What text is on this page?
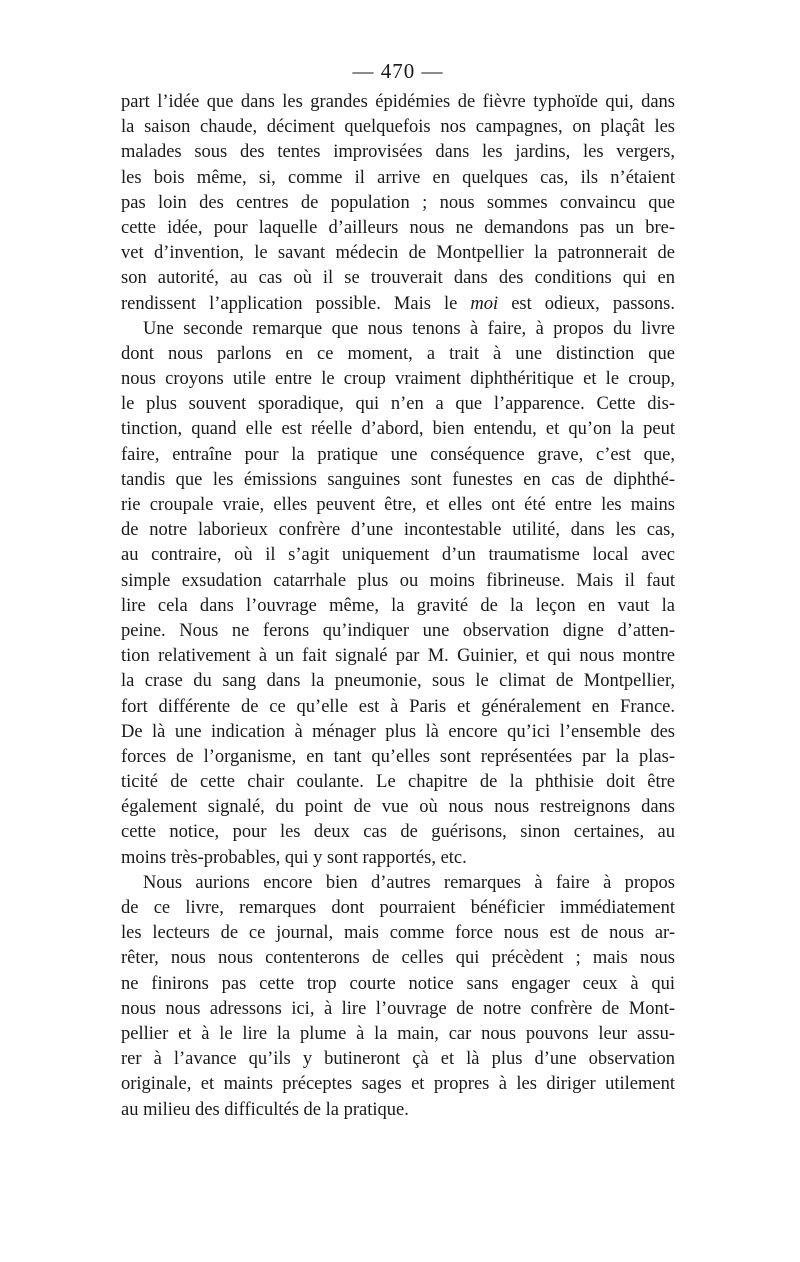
— 470 —
part l’idée que dans les grandes épidémies de fièvre typhoïde qui, dans
la saison chaude, déciment quelquefois nos campagnes, on plaçât les
malades sous des tentes improvisées dans les jardins, les vergers,
les bois même, si, comme il arrive en quelques cas, ils n’étaient
pas loin des centres de population ; nous sommes convaincu que
cette idée, pour laquelle d’ailleurs nous ne demandons pas un bre-
vet d’invention, le savant médecin de Montpellier la patronnerait de
son autorité, au cas où il se trouverait dans des conditions qui en
rendissent l’application possible. Mais le moi est odieux, passons.
Une seconde remarque que nous tenons à faire, à propos du livre
dont nous parlons en ce moment, a trait à une distinction que
nous croyons utile entre le croup vraiment diphthéritique et le croup,
le plus souvent sporadique, qui n’en a que l’apparence. Cette dis-
tinction, quand elle est réelle d’abord, bien entendu, et qu’on la peut
faire, entraîne pour la pratique une conséquence grave, c’est que,
tandis que les émissions sanguines sont funestes en cas de diphthé-
rie croupale vraie, elles peuvent être, et elles ont été entre les mains
de notre laborieux confrère d’une incontestable utilité, dans les cas,
au contraire, où il s’agit uniquement d’un traumatisme local avec
simple exsudation catarrhale plus ou moins fibrineuse. Mais il faut
lire cela dans l’ouvrage même, la gravité de la leçon en vaut la
peine. Nous ne ferons qu’indiquer une observation digne d’atten-
tion relativement à un fait signalé par M. Guinier, et qui nous montre
la crase du sang dans la pneumonie, sous le climat de Montpellier,
fort différente de ce qu’elle est à Paris et généralement en France.
De là une indication à ménager plus là encore qu’ici l’ensemble des
forces de l’organisme, en tant qu’elles sont représentées par la plas-
ticité de cette chair coulante. Le chapitre de la phthisie doit être
également signalé, du point de vue où nous nous restreignons dans
cette notice, pour les deux cas de guérisons, sinon certaines, au
moins très-probables, qui y sont rapportés, etc.
Nous aurions encore bien d’autres remarques à faire à propos
de ce livre, remarques dont pourraient bénéficier immédiatement
les lecteurs de ce journal, mais comme force nous est de nous ar-
rêter, nous nous contenterons de celles qui précèdent ; mais nous
ne finirons pas cette trop courte notice sans engager ceux à qui
nous nous adressons ici, à lire l’ouvrage de notre confrère de Mont-
pellier et à le lire la plume à la main, car nous pouvons leur assu-
rer à l’avance qu’ils y butineront çà et là plus d’une observation
originale, et maints préceptes sages et propres à les diriger utilement
au milieu des difficultés de la pratique.
